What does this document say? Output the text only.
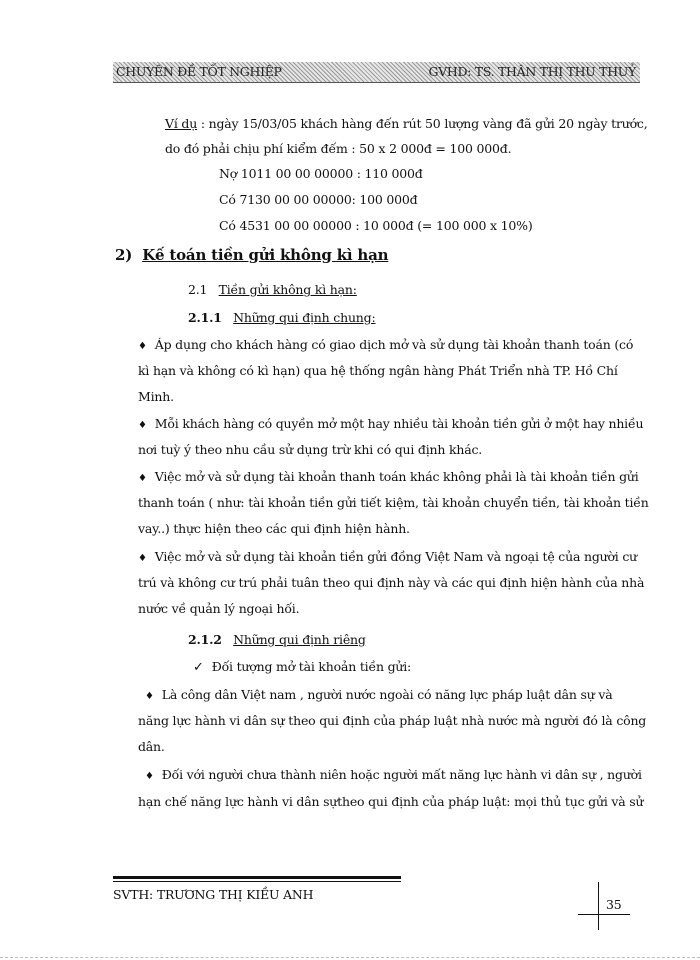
CHUYÊN ĐỀ TỐT NGHIỆP	GVHD: TS. THÂN THỊ THU THUỶ
Ví dụ : ngày 15/03/05 khách hàng đến rút 50 lượng vàng đã gửi 20 ngày trước,
do đó phải chịu phí kiểm đếm : 50 x 2 000đ = 100 000đ.
Nợ 1011 00 00 00000 : 110 000đ
Có 7130 00 00 00000: 100 000đ
Có 4531 00 00 00000 : 10 000đ (= 100 000 x 10%)
2) Kế toán tiền gửi không kì hạn
2.1 Tiền gửi không kì hạn:
2.1.1 Những qui định chung:
♦ Áp dụng cho khách hàng có giao dịch mở và sử dụng tài khoản thanh toán (có
kì hạn và không có kì hạn) qua hệ thống ngân hàng Phát Triển nhà TP. Hồ Chí
Minh.
♦ Mỗi khách hàng có quyền mở một hay nhiều tài khoản tiền gửi ở một hay nhiều
nơi tuỳ ý theo nhu cầu sử dụng trừ khi có qui định khác.
♦ Việc mở và sử dụng tài khoản thanh toán khác không phải là tài khoản tiền gửi
thanh toán ( như: tài khoản tiền gửi tiết kiệm, tài khoản chuyển tiền, tài khoản tiền
vay..) thực hiện theo các qui định hiện hành.
♦ Việc mở và sử dụng tài khoản tiền gửi đồng Việt Nam và ngoại tệ của người cư
trú và không cư trú phải tuân theo qui định này và các qui định hiện hành của nhà
nước về quản lý ngoại hối.
2.1.2 Những qui định riêng
✓ Đối tượng mở tài khoản tiền gửi:
♦ Là công dân Việt nam , người nước ngoài có năng lực pháp luật dân sự và
năng lực hành vi dân sự theo qui định của pháp luật nhà nước mà người đó là công
dân.
♦ Đối với người chưa thành niên hoặc người mất năng lực hành vi dân sự , người
hạn chế năng lực hành vi dân sựtheo qui định của pháp luật: mọi thủ tục gửi và sử
SVTH: TRƯƠNG THỊ KIỀU ANH
35
